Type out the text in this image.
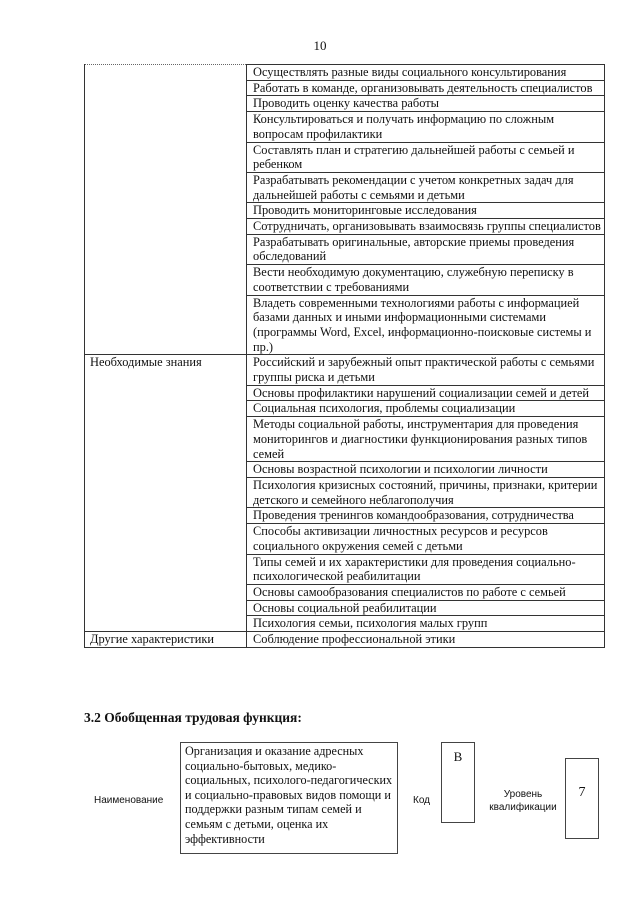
10
	Осуществлять разные виды социального консультирования
	Работать в команде, организовывать деятельность специалистов
	Проводить оценку качества работы
	Консультироваться и получать информацию по сложным вопросам профилактики
	Составлять план и стратегию дальнейшей работы с семьей и ребенком
	Разрабатывать рекомендации с учетом конкретных задач для дальнейшей работы с семьями и детьми
	Проводить мониторинговые исследования
	Сотрудничать, организовывать взаимосвязь группы специалистов
	Разрабатывать оригинальные, авторские приемы проведения обследований
	Вести необходимую документацию, служебную переписку в соответствии с требованиями
	Владеть современными технологиями работы с информацией базами данных и иными информационными системами (программы Word, Excel, информационно-поисковые системы и пр.)
Необходимые знания	Российский и зарубежный опыт практической работы с семьями группы риска и детьми
	Основы профилактики нарушений социализации семей и детей
	Социальная психология, проблемы социализации
	Методы социальной работы, инструментария для проведения мониторингов и диагностики функционирования разных типов семей
	Основы возрастной психологии и психологии личности
	Психология кризисных состояний, причины, признаки, критерии детского и семейного неблагополучия
	Проведения тренингов командообразования, сотрудничества
	Способы активизации личностных ресурсов и ресурсов социального окружения семей с детьми
	Типы семей и их характеристики для проведения социально-психологической реабилитации
	Основы самообразования специалистов по работе с семьей
	Основы социальной реабилитации
	Психология семьи, психология малых групп
Другие характеристики	Соблюдение профессиональной этики
3.2 Обобщенная трудовая функция:
Наименование
Организация и оказание адресных социально-бытовых, медико-социальных, психолого-педагогических и социально-правовых видов помощи и поддержки разным типам семей и семьям с детьми, оценка их эффективности
Код
В
Уровень квалификации
7
